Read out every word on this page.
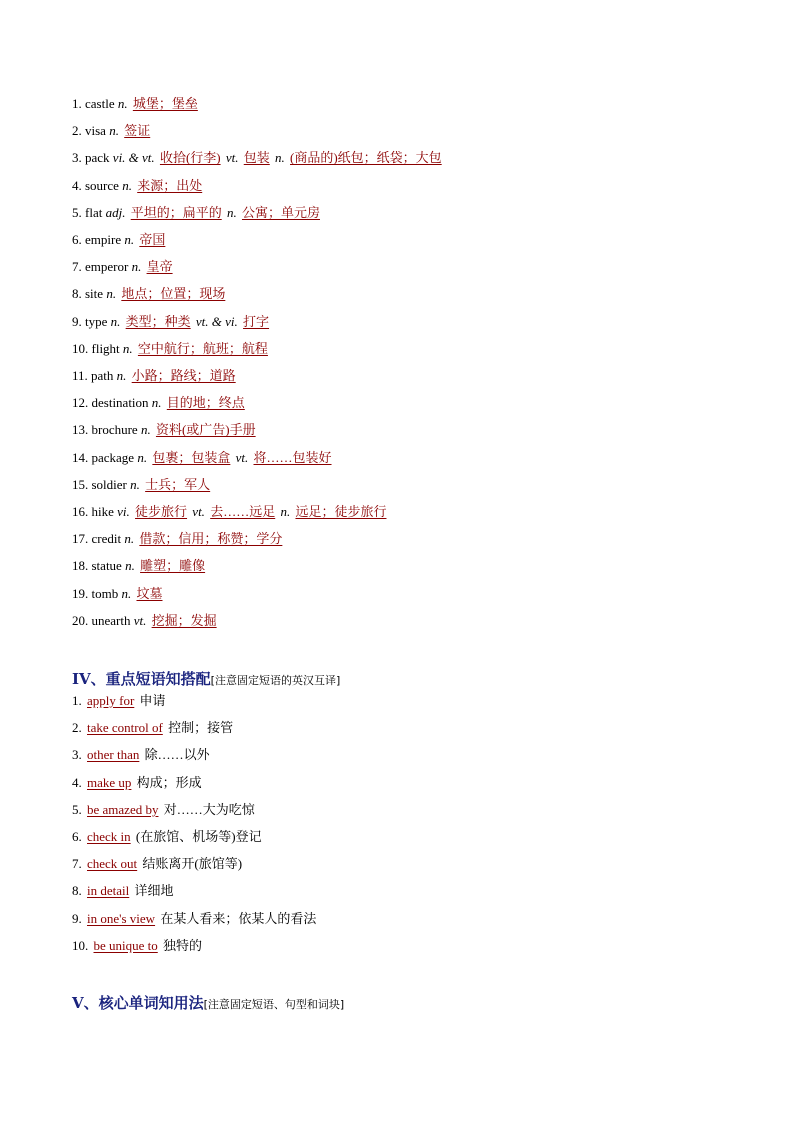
1. castle n. 城堡；堡垒
2. visa n. 签证
3. pack vi. & vt. 收拾(行李) vt. 包装 n. (商品的)纸包；纸袋；大包
4. source n. 来源；出处
5. flat adj. 平坦的；扁平的 n. 公寓；单元房
6. empire n. 帝国
7. emperor n. 皇帝
8. site n. 地点；位置；现场
9. type n. 类型；种类 vt. & vi. 打字
10. flight n. 空中航行；航班；航程
11. path n. 小路；路线；道路
12. destination n. 目的地；终点
13. brochure n. 资料(或广告)手册
14. package n. 包裹；包装盒 vt. 将……包装好
15. soldier n. 士兵；军人
16. hike vi. 徒步旅行 vt. 去……远足 n. 远足；徒步旅行
17. credit n. 借款；信用；称赞；学分
18. statue n. 雕塑；雕像
19. tomb n. 坟墓
20. unearth vt. 挖掘；发掘
IV、重点短语知搭配[注意固定短语的英汉互译]
1. apply for 申请
2. take control of 控制；接管
3. other than 除……以外
4. make up 构成；形成
5. be amazed by 对……大为吃惊
6. check in (在旅馆、机场等)登记
7. check out 结账离开(旅馆等)
8. in detail 详细地
9. in one's view 在某人看来；依某人的看法
10. be unique to 独特的
V、核心单词知用法[注意固定短语、句型和词块]
